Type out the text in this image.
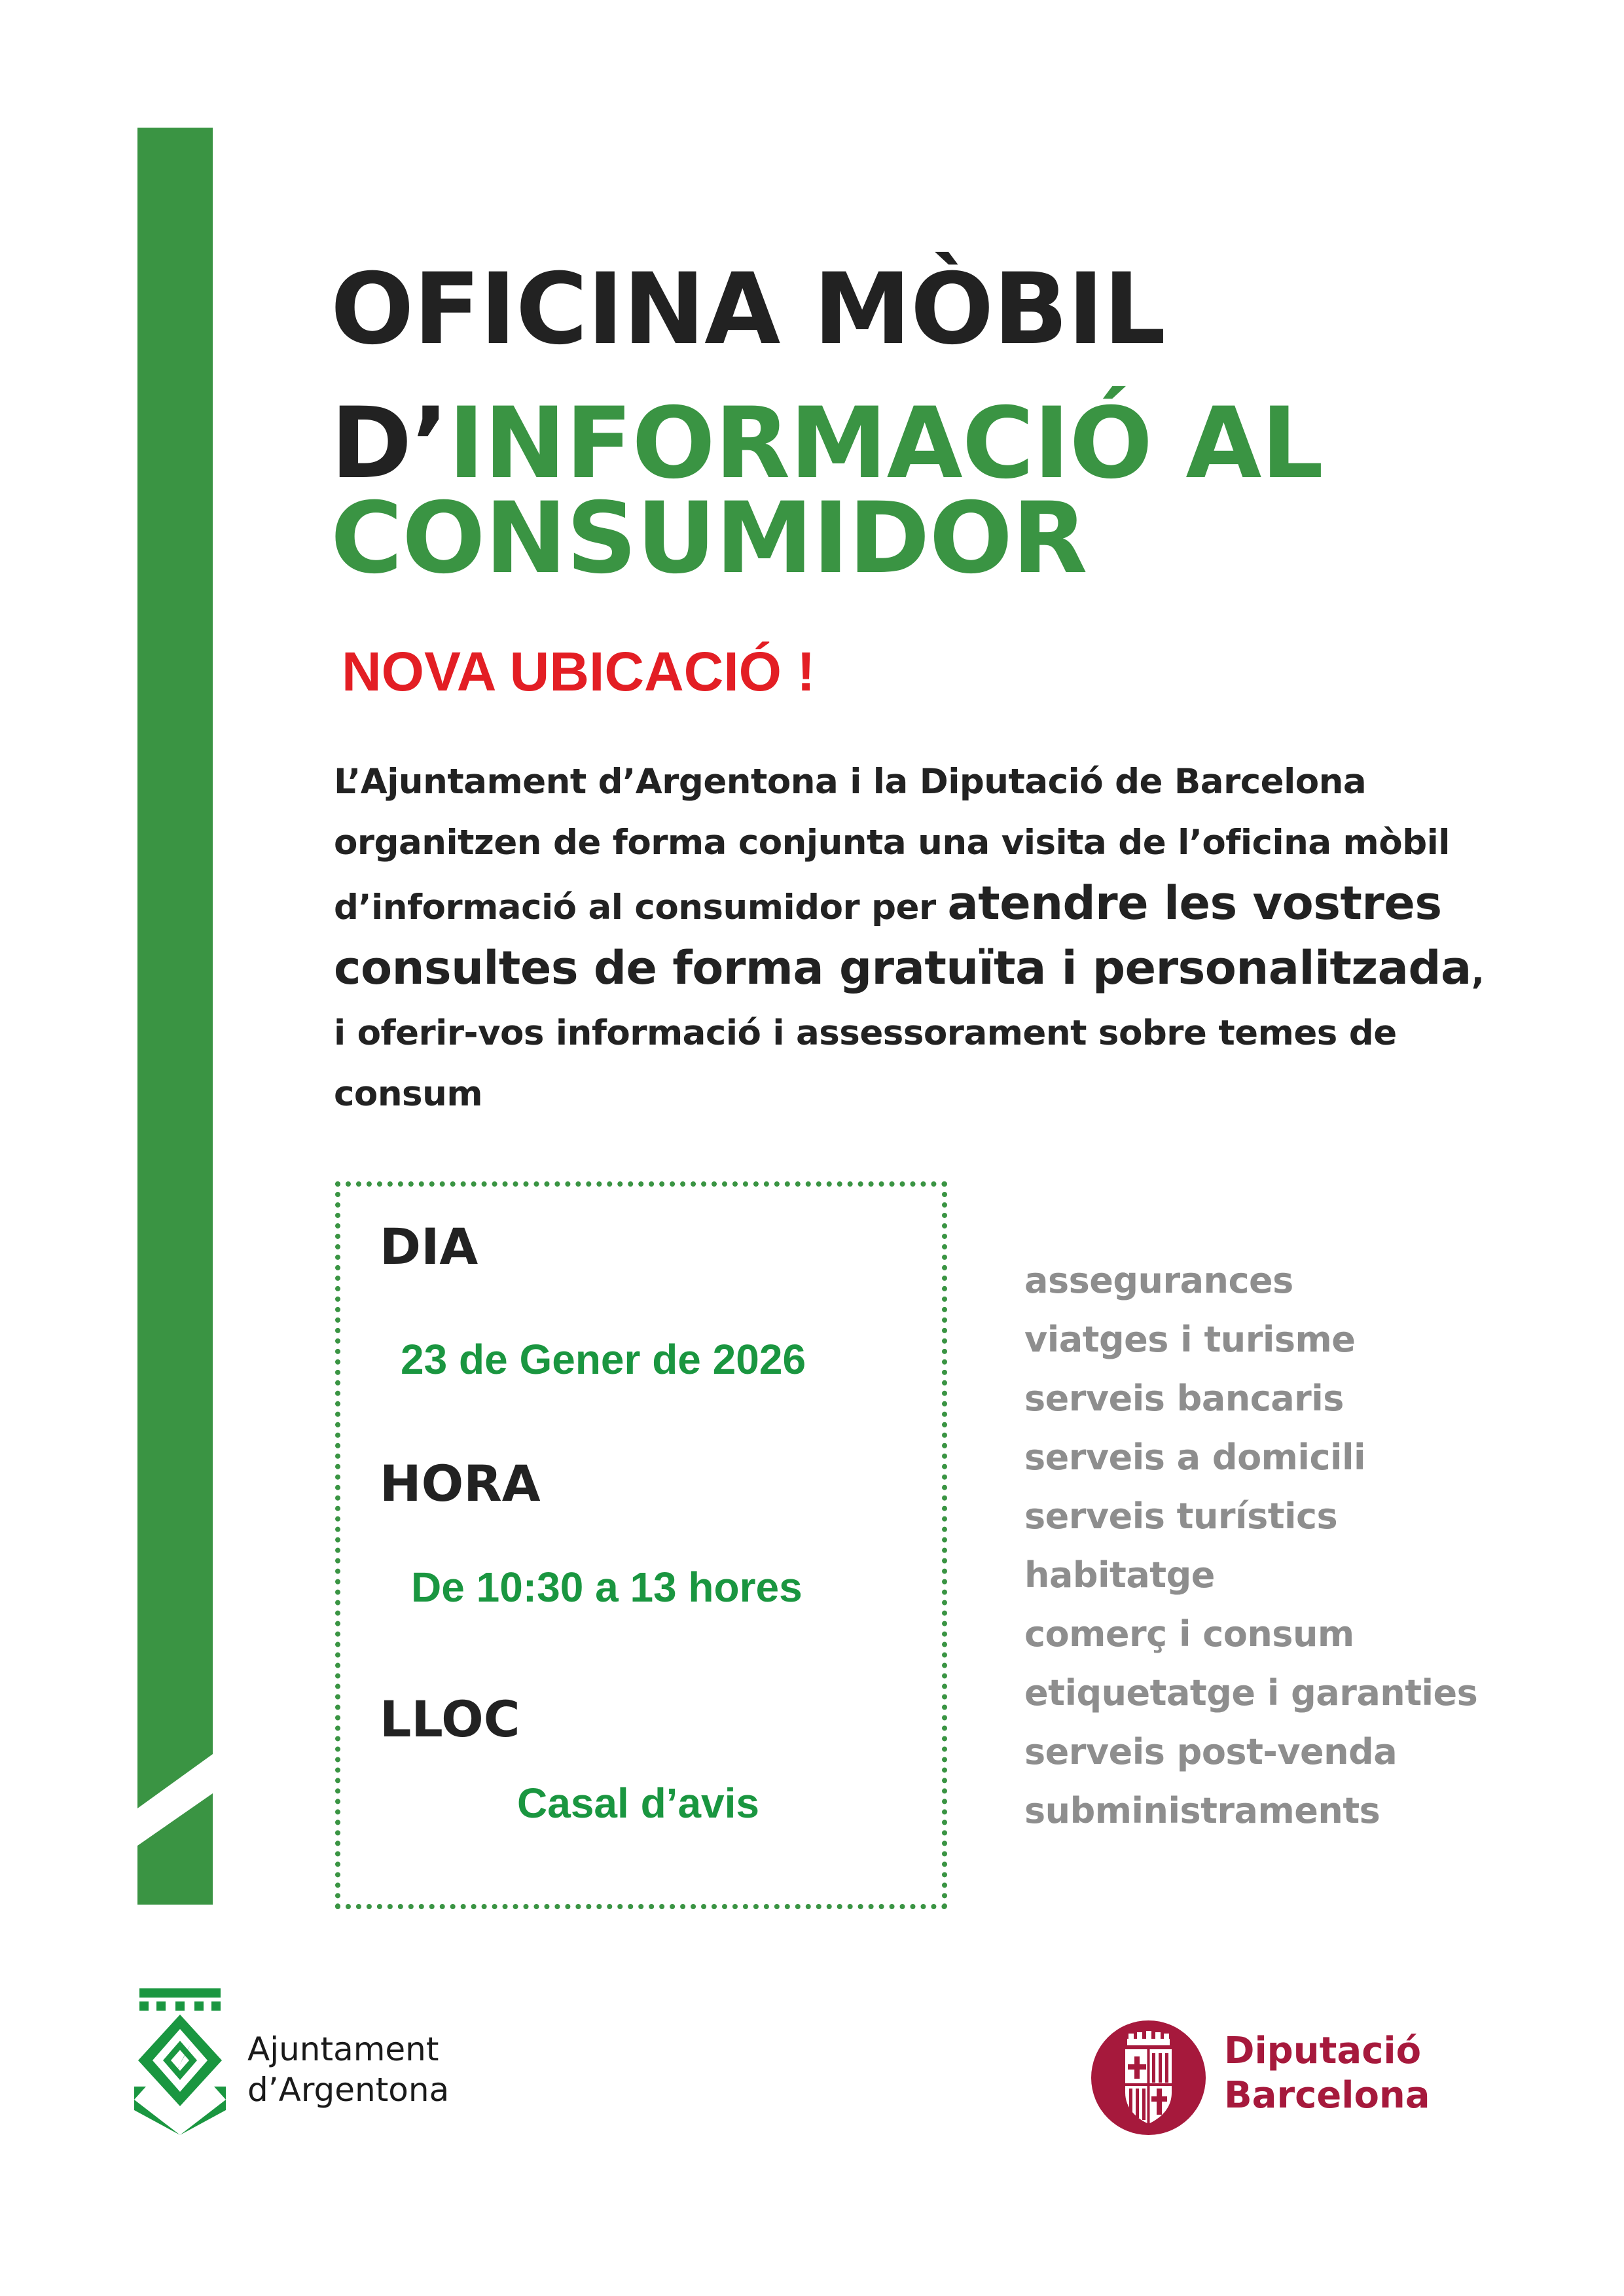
OFICINA MÒBIL
D’INFORMACIÓ AL
CONSUMIDOR

NOVA UBICACIÓ !

L’Ajuntament d’Argentona i la Diputació de Barcelona organitzen de forma conjunta una visita de l’oficina mòbil d’informació al consumidor per atendre les vostres consultes de forma gratuïta i personalitzada, i oferir-vos informació i assessorament sobre temes de consum

DIA

23 de Gener de 2026

HORA

De 10:30 a 13 hores

LLOC

Casal d’avis

assegurances
viatges i turisme
serveis bancaris
serveis a domicili
serveis turístics
habitatge
comerç i consum
etiquetatge i garanties
serveis post-venda
subministraments

Ajuntament
d’Argentona

Diputació
Barcelona
